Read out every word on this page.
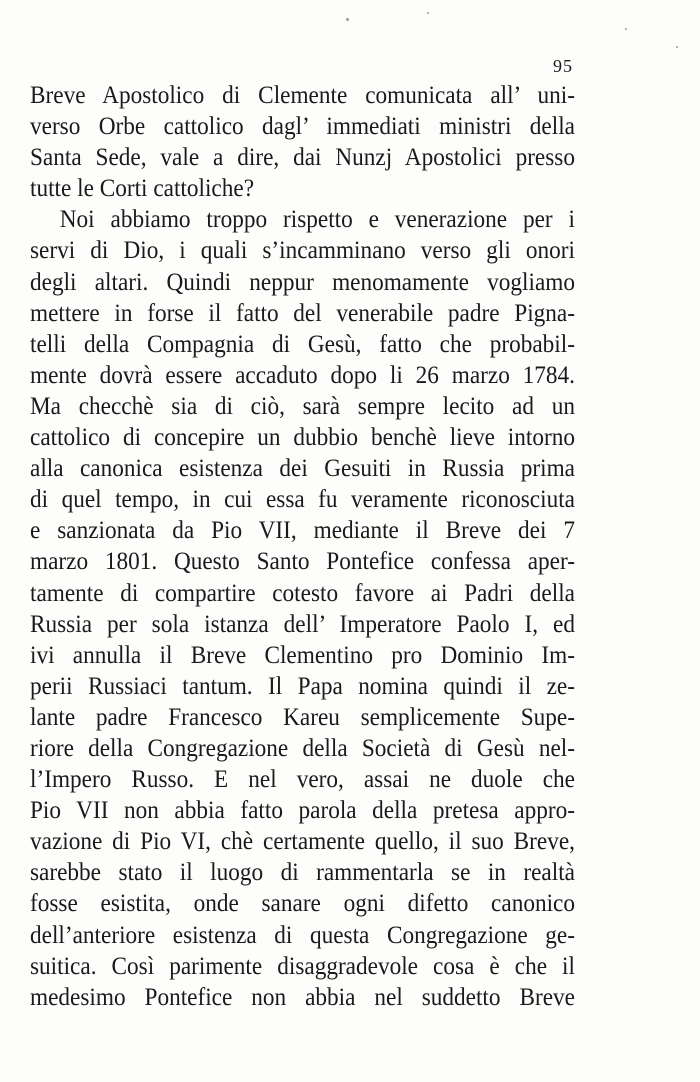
95
Breve Apostolico di Clemente comunicata all’ uni-
verso Orbe cattolico dagl’ immediati ministri della
Santa Sede, vale a dire, dai Nunzj Apostolici presso
tutte le Corti cattoliche?
Noi abbiamo troppo rispetto e venerazione per i
servi di Dio, i quali s’incamminano verso gli onori
degli altari. Quindi neppur menomamente vogliamo
mettere in forse il fatto del venerabile padre Pigna-
telli della Compagnia di Gesù, fatto che probabil-
mente dovrà essere accaduto dopo li 26 marzo 1784.
Ma checchè sia di ciò, sarà sempre lecito ad un
cattolico di concepire un dubbio benchè lieve intorno
alla canonica esistenza dei Gesuiti in Russia prima
di quel tempo, in cui essa fu veramente riconosciuta
e sanzionata da Pio VII, mediante il Breve dei 7
marzo 1801. Questo Santo Pontefice confessa aper-
tamente di compartire cotesto favore ai Padri della
Russia per sola istanza dell’ Imperatore Paolo I, ed
ivi annulla il Breve Clementino pro Dominio Im-
perii Russiaci tantum. Il Papa nomina quindi il ze-
lante padre Francesco Kareu semplicemente Supe-
riore della Congregazione della Società di Gesù nel-
l’Impero Russo. E nel vero, assai ne duole che
Pio VII non abbia fatto parola della pretesa appro-
vazione di Pio VI, chè certamente quello, il suo Breve,
sarebbe stato il luogo di rammentarla se in realtà
fosse esistita, onde sanare ogni difetto canonico
dell’anteriore esistenza di questa Congregazione ge-
suitica. Così parimente disaggradevole cosa è che il
medesimo Pontefice non abbia nel suddetto Breve
